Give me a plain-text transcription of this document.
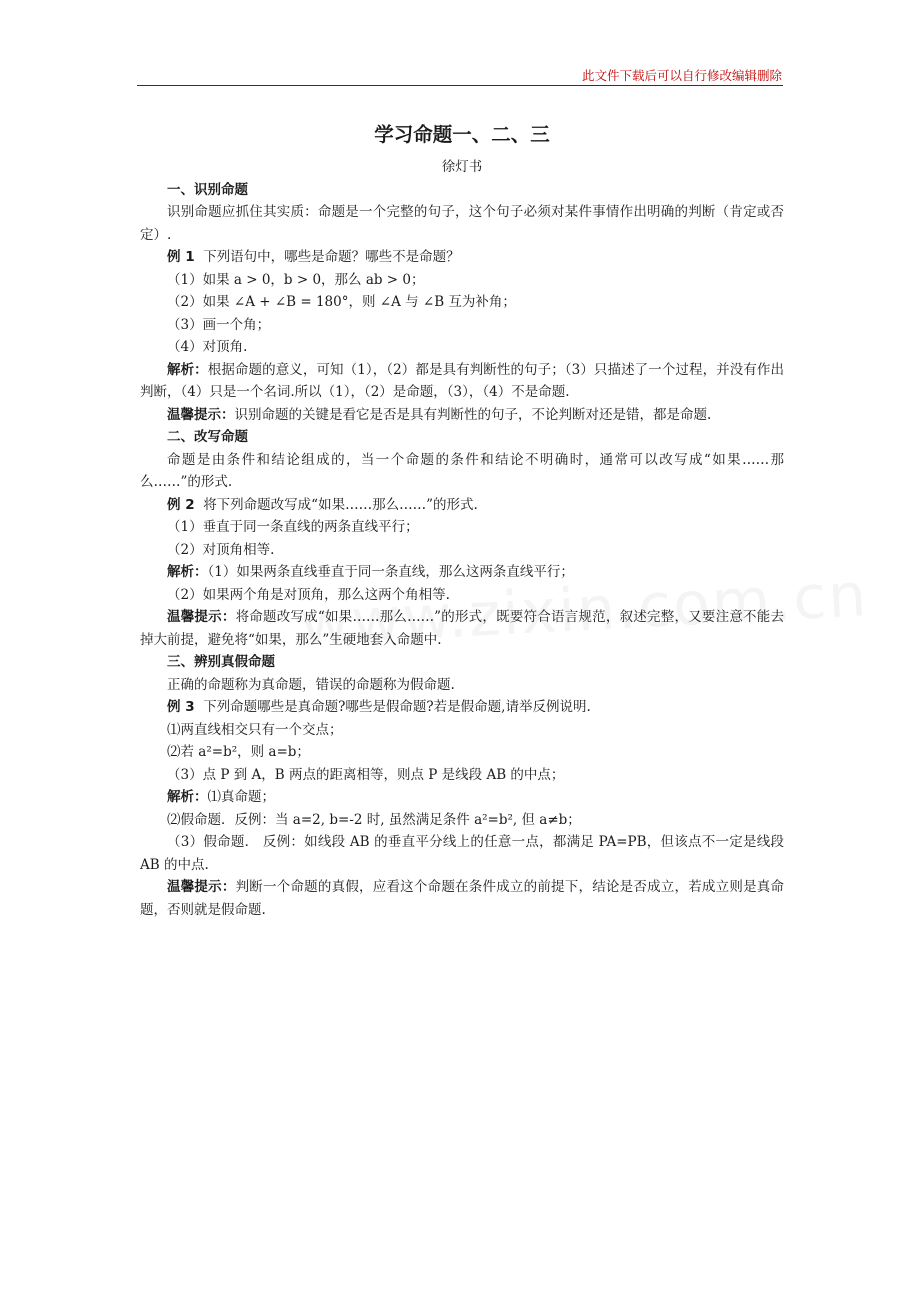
此文件下载后可以自行修改编辑删除
学习命题一、二、三
徐灯书
一、识别命题
识别命题应抓住其实质：命题是一个完整的句子，这个句子必须对某件事情作出明确的判断（肯定或否定）.
例 1 下列语句中，哪些是命题？哪些不是命题？
（1）如果 a > 0，b > 0，那么 ab > 0；
（2）如果 ∠A + ∠B = 180°，则 ∠A 与 ∠B 互为补角；
（3）画一个角；
（4）对顶角.
解析：根据命题的意义，可知（1），（2）都是具有判断性的句子；（3）只描述了一个过程，并没有作出判断，（4）只是一个名词.所以（1），（2）是命题，（3），（4）不是命题.
温馨提示：识别命题的关键是看它是否是具有判断性的句子，不论判断对还是错，都是命题.
二、改写命题
命题是由条件和结论组成的，当一个命题的条件和结论不明确时，通常可以改写成“如果……那么……”的形式.
例 2 将下列命题改写成“如果……那么……”的形式.
（1）垂直于同一条直线的两条直线平行；
（2）对顶角相等.
解析：（1）如果两条直线垂直于同一条直线，那么这两条直线平行；
（2）如果两个角是对顶角，那么这两个角相等.
温馨提示：将命题改写成“如果……那么……”的形式，既要符合语言规范，叙述完整，又要注意不能去掉大前提，避免将“如果，那么”生硬地套入命题中.
三、辨别真假命题
正确的命题称为真命题，错误的命题称为假命题.
例 3 下列命题哪些是真命题?哪些是假命题?若是假命题,请举反例说明.
⑴两直线相交只有一个交点；
⑵若 a²=b²，则 a=b；
（3）点 P 到 A，B 两点的距离相等，则点 P 是线段 AB 的中点；
解析：⑴真命题；
⑵假命题．反例：当 a=2, b=-2 时, 虽然满足条件 a²=b², 但 a≠b；
（3）假命题． 反例：如线段 AB 的垂直平分线上的任意一点，都满足 PA=PB，但该点不一定是线段 AB 的中点.
温馨提示：判断一个命题的真假，应看这个命题在条件成立的前提下，结论是否成立，若成立则是真命题，否则就是假命题.
